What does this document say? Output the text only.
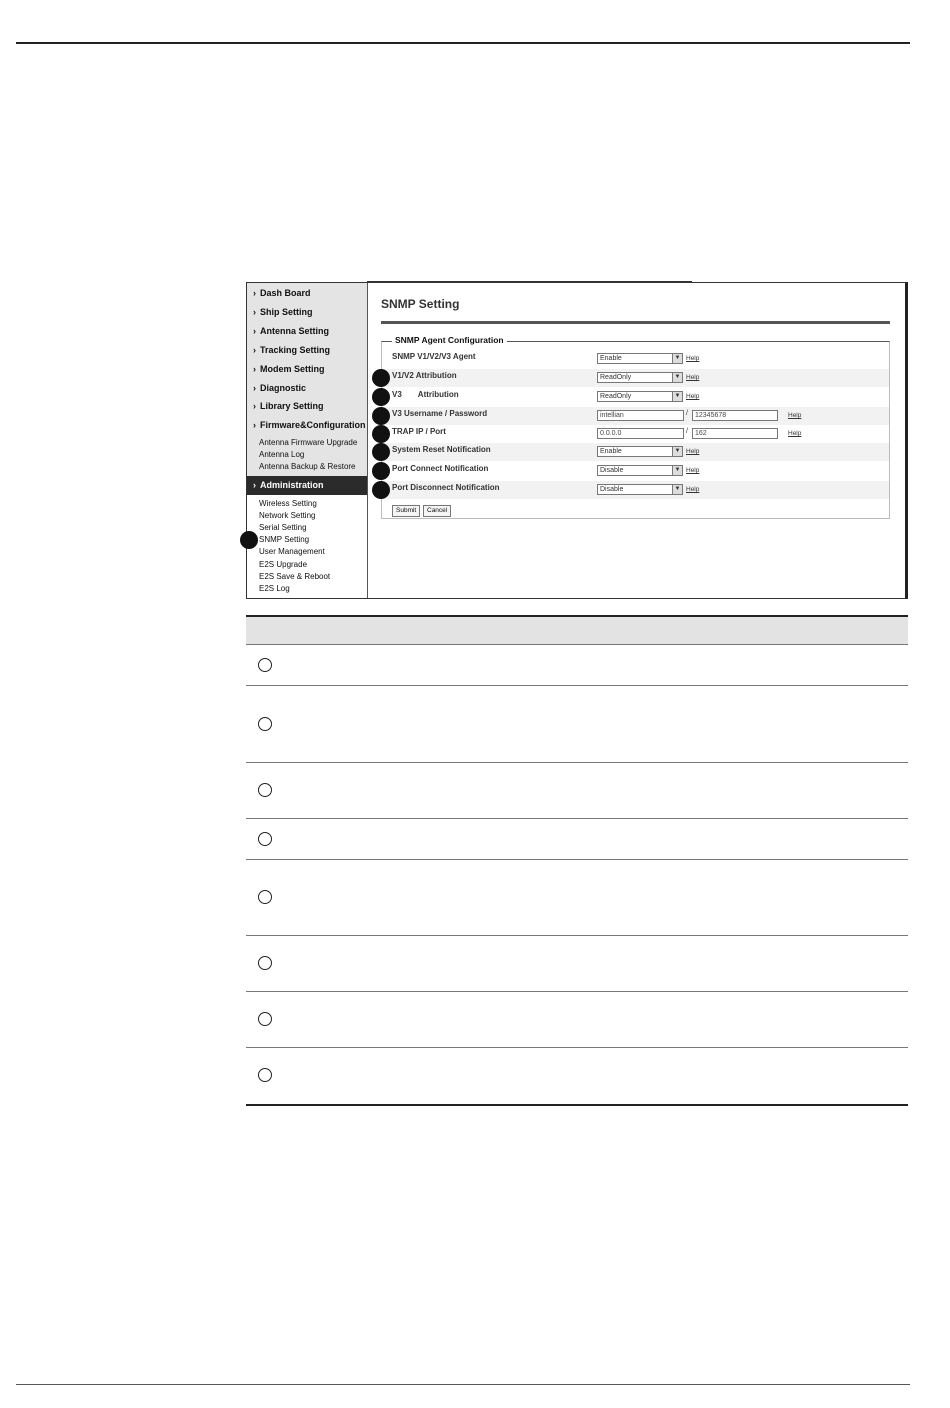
› Dash Board
› Ship Setting
› Antenna Setting
› Tracking Setting
› Modem Setting
› Diagnostic
› Library Setting
› Firmware&Configuration
Antenna Firmware Upgrade
Antenna Log
Antenna Backup & Restore
› Administration
Wireless Setting
Network Setting
Serial Setting
SNMP Setting
User Management
E2S Upgrade
E2S Save & Reboot
E2S Log
SNMP Setting
SNMP Agent Configuration
SNMP V1/V2/V3 Agent	Enable	▼ Help
V1/V2 Attribution	ReadOnly	▼ Help
V3 Attribution	ReadOnly	▼ Help
V3 Username / Password	intellian	/	12345678	Help
TRAP IP / Port	0.0.0.0	/	162	Help
System Reset Notification	Enable	▼ Help
Port Connect Notification	Disable	▼ Help
Port Disconnect Notification	Disable	▼ Help
Submit	Cancel
